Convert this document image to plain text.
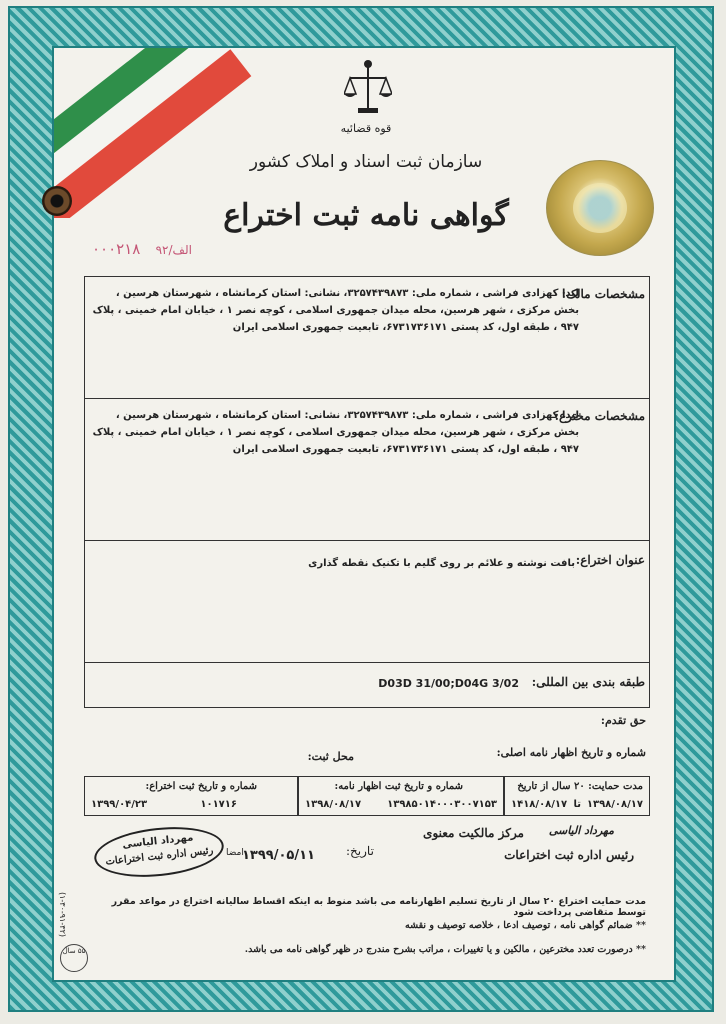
قوه قضائیه
سازمان ثبت اسناد و املاک کشور
گواهی نامه ثبت اختراع
الف/۹۲    ۰۰۰۲۱۸
مشخصات مالک:
لیدا کهزادی فراشی ، شماره ملی: ۳۲۵۷۴۳۹۸۷۳، نشانی: استان کرمانشاه ، شهرستان هرسین ، بخش مرکزی ، شهر هرسین، محله میدان جمهوری اسلامی ، کوچه نصر ۱ ، خیابان امام خمینی ، پلاک ۹۴۷ ، طبقه اول، کد پستی ۶۷۳۱۷۳۶۱۷۱، تابعیت جمهوری اسلامی ایران
مشخصات مخترع:
لیدا کهزادی فراشی ، شماره ملی: ۳۲۵۷۴۳۹۸۷۳، نشانی: استان کرمانشاه ، شهرستان هرسین ، بخش مرکزی ، شهر هرسین، محله میدان جمهوری اسلامی ، کوچه نصر ۱ ، خیابان امام خمینی ، پلاک ۹۴۷ ، طبقه اول، کد پستی ۶۷۳۱۷۳۶۱۷۱، تابعیت جمهوری اسلامی ایران
عنوان اختراع:
بافت نوشته و علائم بر روی گلیم با تکنیک نقطه گذاری
طبقه بندی بین المللی:
D03D 31/00;D04G 3/02
حق تقدم:
شماره و تاریخ اظهار نامه اصلی:
محل ثبت:
مدت حمایت: ۲۰ سال از تاریخ
۱۳۹۸/۰۸/۱۷
تا
۱۴۱۸/۰۸/۱۷
شماره و تاریخ ثبت اظهار نامه:
۱۳۹۸۵۰۱۴۰۰۰۳۰۰۷۱۵۳
۱۳۹۸/۰۸/۱۷
شماره و تاریخ ثبت اختراع:
۱۰۱۷۱۶
۱۳۹۹/۰۴/۲۳
مرکز مالکیت معنوی مهرداد الیاسی
رئیس اداره ثبت اختراعات
تاریخ:
۱۳۹۹/۰۵/۱۱
مهرداد الیاسی
رئیس اداره ثبت اختراعات	امضا
مدت حمایت اختراع ۲۰ سال از تاریخ تسلیم اظهارنامه می باشد منوط به اینکه اقساط سالیانه اختراع در مواعد مقرر توسط متقاضی پرداخت شود
** ضمائم گواهی نامه ، توصیف ادعا ، خلاصه توصیف و نقشه
** درصورت تعدد مخترعین ، مالکین و یا تغییرات ، مراتب بشرح مندرج در ظهر گواهی نامه می باشد.
(۱-۳۰-۹۱-۳۲)
۵۵ سال
